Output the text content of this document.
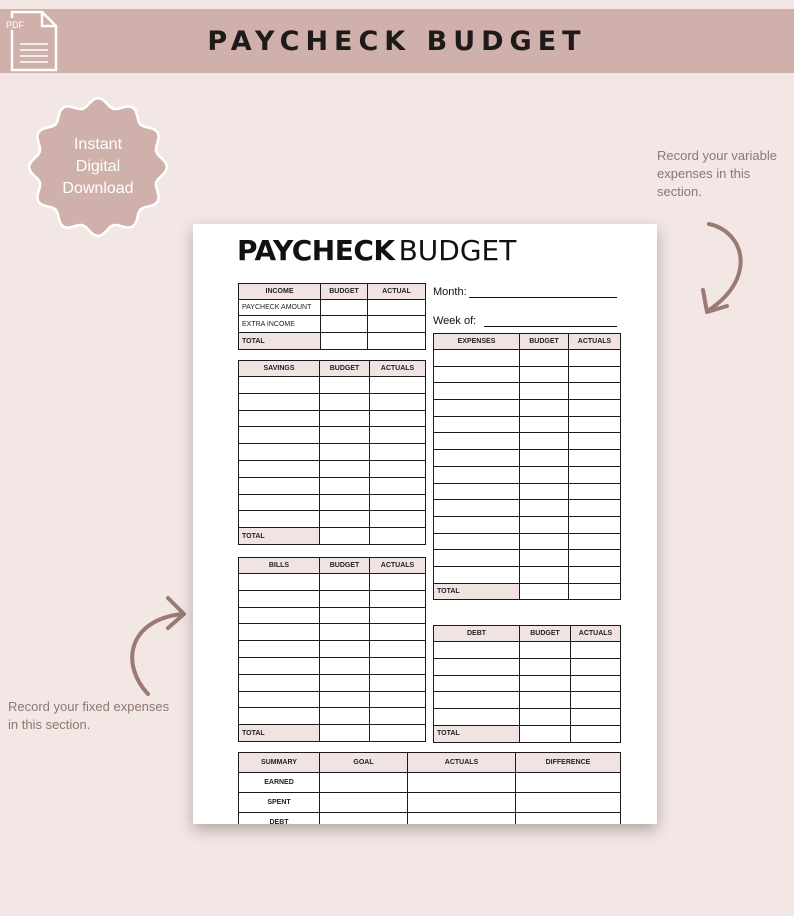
PAYCHECK BUDGET
PDF
Instant
Digital
Download
Record your variable
expenses in this
section.
Record your fixed expenses
in this section.
PAYCHECK BUDGET
INCOME	BUDGET	ACTUAL
PAYCHECK AMOUNT		
EXTRA INCOME		
TOTAL		
Month:
Week of:
SAVINGS	BUDGET	ACTUALS

TOTAL		
BILLS	BUDGET	ACTUALS

TOTAL		
EXPENSES	BUDGET	ACTUALS

TOTAL		
DEBT	BUDGET	ACTUALS

TOTAL		
SUMMARY	GOAL	ACTUALS	DIFFERENCE
EARNED			
SPENT			
DEBT			
